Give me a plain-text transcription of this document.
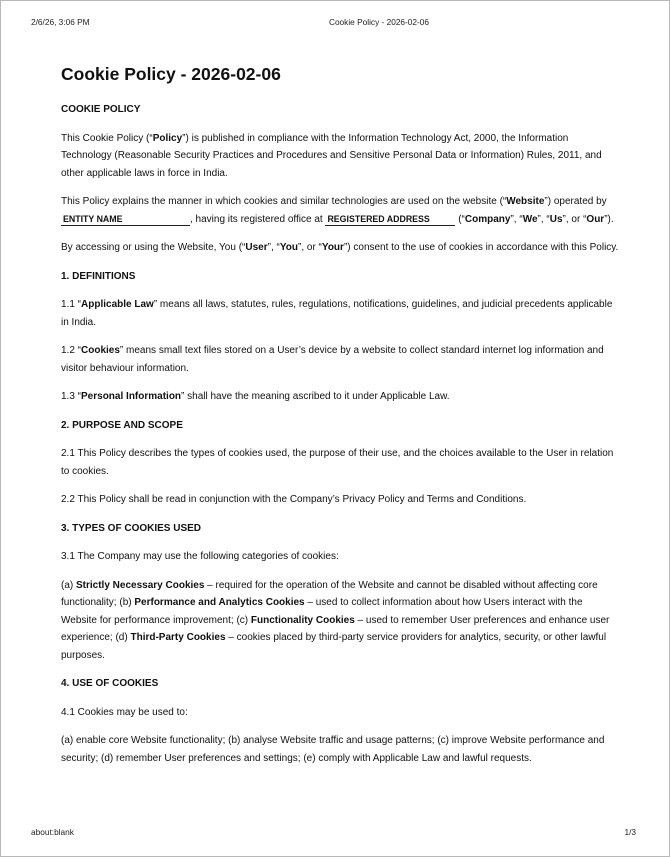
2/6/26, 3:06 PM	Cookie Policy - 2026-02-06
Cookie Policy - 2026-02-06
COOKIE POLICY

This Cookie Policy (“Policy”) is published in compliance with the Information Technology Act, 2000, the Information Technology (Reasonable Security Practices and Procedures and Sensitive Personal Data or Information) Rules, 2011, and other applicable laws in force in India.

This Policy explains the manner in which cookies and similar technologies are used on the website (“Website”) operated by ENTITY NAME	, having its registered office at REGISTERED ADDRESS	(“Company”, “We”, “Us”, or “Our”).

By accessing or using the Website, You (“User”, “You”, or “Your”) consent to the use of cookies in accordance with this Policy.

1. DEFINITIONS

1.1 “Applicable Law” means all laws, statutes, rules, regulations, notifications, guidelines, and judicial precedents applicable in India.

1.2 “Cookies” means small text files stored on a User’s device by a website to collect standard internet log information and visitor behaviour information.

1.3 “Personal Information” shall have the meaning ascribed to it under Applicable Law.

2. PURPOSE AND SCOPE

2.1 This Policy describes the types of cookies used, the purpose of their use, and the choices available to the User in relation to cookies.

2.2 This Policy shall be read in conjunction with the Company’s Privacy Policy and Terms and Conditions.

3. TYPES OF COOKIES USED

3.1 The Company may use the following categories of cookies:

(a) Strictly Necessary Cookies – required for the operation of the Website and cannot be disabled without affecting core functionality; (b) Performance and Analytics Cookies – used to collect information about how Users interact with the Website for performance improvement; (c) Functionality Cookies – used to remember User preferences and enhance user experience; (d) Third-Party Cookies – cookies placed by third-party service providers for analytics, security, or other lawful purposes.

4. USE OF COOKIES

4.1 Cookies may be used to:

(a) enable core Website functionality; (b) analyse Website traffic and usage patterns; (c) improve Website performance and security; (d) remember User preferences and settings; (e) comply with Applicable Law and lawful requests.

about:blank	1/3
